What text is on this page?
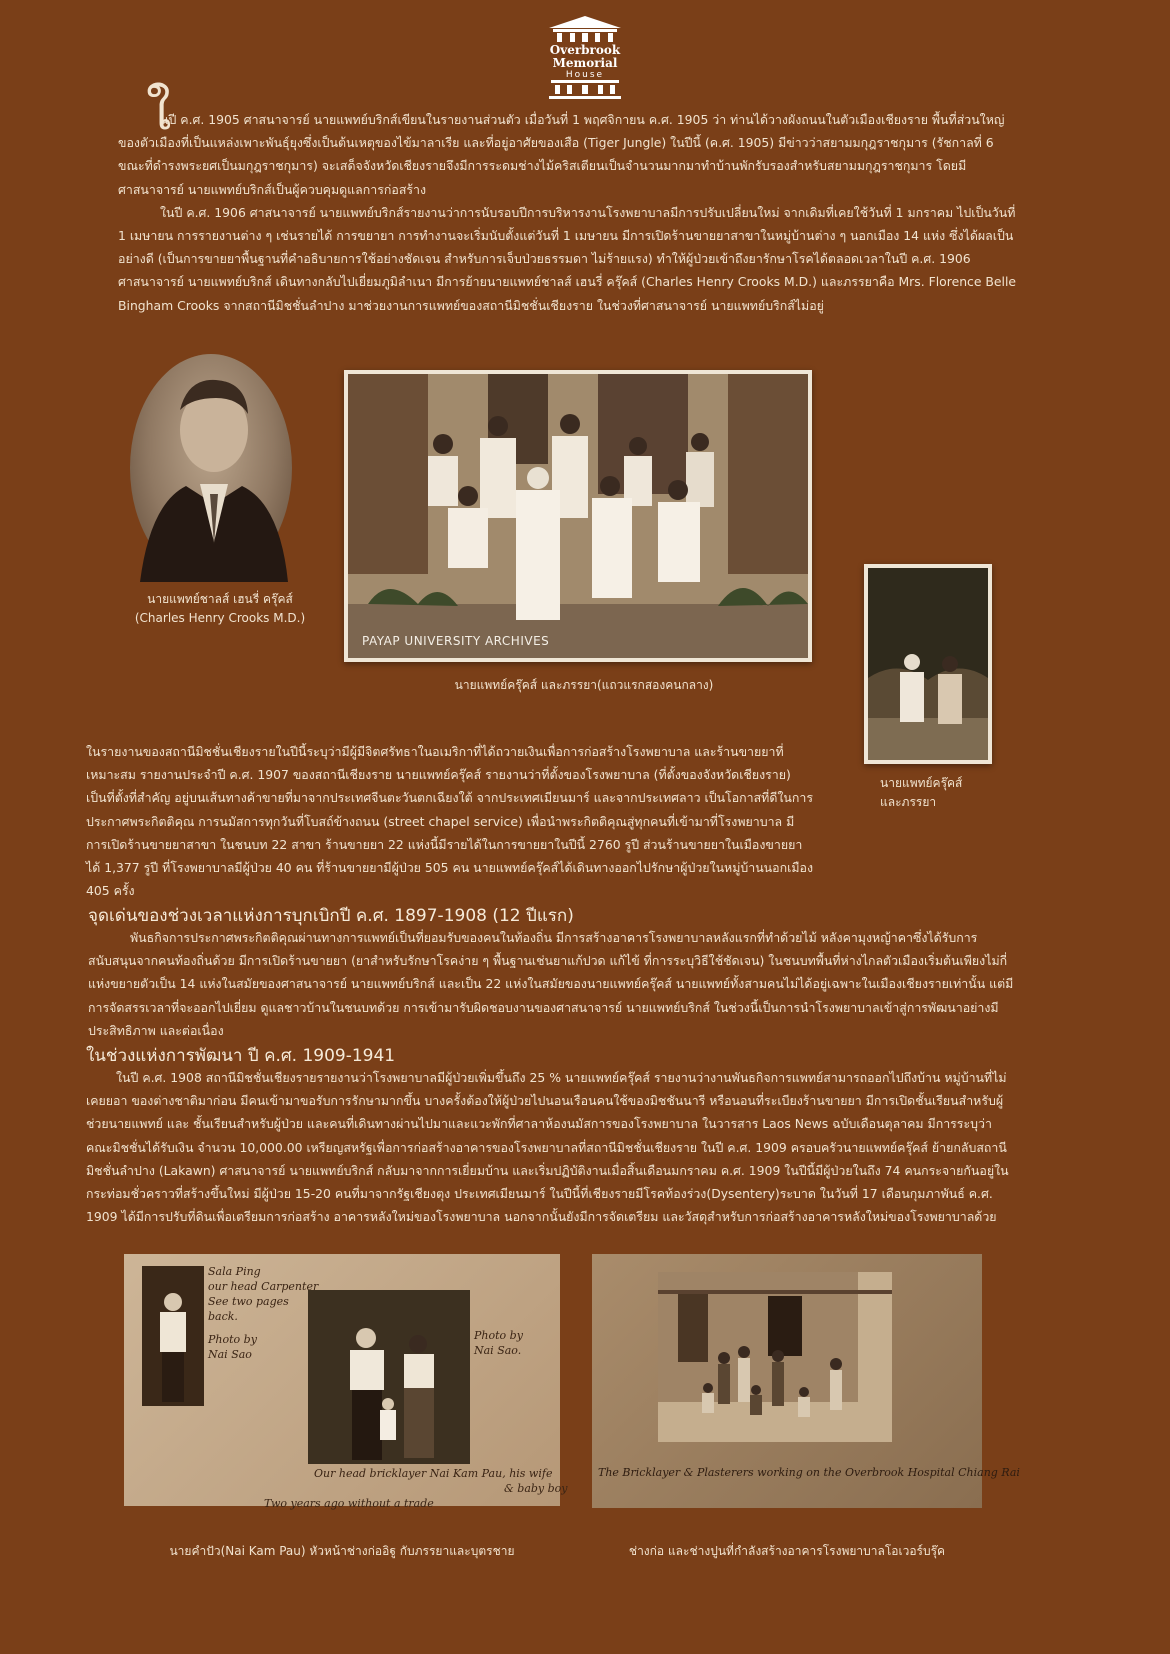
Overbrook Memorial
House
ใ

นปี ค.ศ. 1905 ศาสนาจารย์ นายแพทย์บริกส์เขียนในรายงานส่วนตัว เมื่อวันที่ 1 พฤศจิกายน ค.ศ. 1905 ว่า ท่านได้วางผังถนนในตัวเมืองเชียงราย พื้นที่ส่วนใหญ่ของตัวเมืองที่เป็นแหล่งเพาะพันธุ์ยุงซึ่งเป็นต้นเหตุของไข้มาลาเรีย และที่อยู่อาศัยของเสือ (Tiger Jungle) ในปีนี้ (ค.ศ. 1905) มีข่าวว่าสยามมกุฎราชกุมาร (รัชกาลที่ 6 ขณะที่ดำรงพระยศเป็นมกุฎราชกุมาร) จะเสด็จจังหวัดเชียงรายจึงมีการระดมช่างไม้คริสเตียนเป็นจำนวนมากมาทำบ้านพักรับรองสำหรับสยามมกุฎราชกุมาร โดยมีศาสนาจารย์ นายแพทย์บริกส์เป็นผู้ควบคุมดูแลการก่อสร้าง

ในปี ค.ศ. 1906 ศาสนาจารย์ นายแพทย์บริกส์รายงานว่าการนับรอบปีการบริหารงานโรงพยาบาลมีการปรับเปลี่ยนใหม่ จากเดิมที่เคยใช้วันที่ 1 มกราคม ไปเป็นวันที่ 1 เมษายน การรายงานต่าง ๆ เช่นรายได้ การขยายา การทำงานจะเริ่มนับตั้งแต่วันที่ 1 เมษายน มีการเปิดร้านขายยาสาขาในหมู่บ้านต่าง ๆ นอกเมือง 14 แห่ง ซึ่งได้ผลเป็นอย่างดี (เป็นการขายยาพื้นฐานที่คำอธิบายการใช้อย่างชัดเจน สำหรับการเจ็บป่วยธรรมดา ไม่ร้ายแรง) ทำให้ผู้ป่วยเข้าถึงยารักษาโรคได้ตลอดเวลาในปี ค.ศ. 1906 ศาสนาจารย์ นายแพทย์บริกส์ เดินทางกลับไปเยี่ยมภูมิลำเนา มีการย้ายนายแพทย์ชาลส์ เฮนรี่ ครุ๊คส์ (Charles Henry Crooks M.D.) และภรรยาคือ Mrs. Florence Belle Bingham Crooks จากสถานีมิชชั่นลำปาง มาช่วยงานการแพทย์ของสถานีมิชชั่นเชียงราย ในช่วงที่ศาสนาจารย์ นายแพทย์บริกส์ไม่อยู่

นายแพทย์ชาลส์ เฮนรี่ ครุ๊คส์
(Charles Henry Crooks M.D.)
PAYAP UNIVERSITY ARCHIVES
นายแพทย์ครุ๊คส์ และภรรยา(แถวแรกสองคนกลาง)
นายแพทย์ครุ๊คส์
และภรรยา

ในรายงานของสถานีมิชชั่นเชียงรายในปีนี้ระบุว่ามีผู้มีจิตศรัทธาในอเมริกาที่ได้ถวายเงินเพื่อการก่อสร้างโรงพยาบาล และร้านขายยาที่เหมาะสม รายงานประจำปี ค.ศ. 1907 ของสถานีเชียงราย นายแพทย์ครุ๊คส์ รายงานว่าที่ตั้งของโรงพยาบาล (ที่ตั้งของจังหวัดเชียงราย) เป็นที่ตั้งที่สำคัญ อยู่บนเส้นทางค้าขายที่มาจากประเทศจีนตะวันตกเฉียงใต้ จากประเทศเมียนมาร์ และจากประเทศลาว เป็นโอกาสที่ดีในการประกาศพระกิตติคุณ การนมัสการทุกวันที่โบสถ์ข้างถนน (street chapel service) เพื่อนำพระกิตติคุณสู่ทุกคนที่เข้ามาที่โรงพยาบาล มีการเปิดร้านขายยาสาขา ในชนบท 22 สาขา ร้านขายยา 22 แห่งนี้มีรายได้ในการขายยาในปีนี้ 2760 รูปี ส่วนร้านขายยาในเมืองขายยาได้ 1,377 รูปี ที่โรงพยาบาลมีผู้ป่วย 40 คน ที่ร้านขายยามีผู้ป่วย 505 คน นายแพทย์ครุ๊คส์ได้เดินทางออกไปรักษาผู้ป่วยในหมู่บ้านนอกเมือง 405 ครั้ง

จุดเด่นของช่วงเวลาแห่งการบุกเบิกปี ค.ศ. 1897-1908 (12 ปีแรก)

พันธกิจการประกาศพระกิตติคุณผ่านทางการแพทย์เป็นที่ยอมรับของคนในท้องถิ่น มีการสร้างอาคารโรงพยาบาลหลังแรกที่ทำด้วยไม้ หลังคามุงหญ้าคาซึ่งได้รับการสนับสนุนจากคนท้องถิ่นด้วย มีการเปิดร้านขายยา (ยาสำหรับรักษาโรคง่าย ๆ พื้นฐานเช่นยาแก้ปวด แก้ไข้ ที่การระบุวิธีใช้ชัดเจน) ในชนบทพื้นที่ห่างไกลตัวเมืองเริ่มต้นเพียงไม่กี่แห่งขยายตัวเป็น 14 แห่งในสมัยของศาสนาจารย์ นายแพทย์บริกส์ และเป็น 22 แห่งในสมัยของนายแพทย์ครุ๊คส์ นายแพทย์ทั้งสามคนไม่ได้อยู่เฉพาะในเมืองเชียงรายเท่านั้น แต่มีการจัดสรรเวลาที่จะออกไปเยี่ยม ดูแลชาวบ้านในชนบทด้วย การเข้ามารับผิดชอบงานของศาสนาจารย์ นายแพทย์บริกส์ ในช่วงนี้เป็นการนำโรงพยาบาลเข้าสู่การพัฒนาอย่างมีประสิทธิภาพ และต่อเนื่อง

ในช่วงแห่งการพัฒนา ปี ค.ศ. 1909-1941

ในปี ค.ศ. 1908 สถานีมิชชั่นเชียงรายรายงานว่าโรงพยาบาลมีผู้ป่วยเพิ่มขึ้นถึง 25 % นายแพทย์ครุ๊คส์ รายงานว่างานพันธกิจการแพทย์สามารถออกไปถึงบ้าน หมู่บ้านที่ไม่เคยยอา ของต่างชาติมาก่อน มีคนเข้ามาขอรับการรักษามากขึ้น บางครั้งต้องให้ผู้ป่วยไปนอนเรือนคนใช้ของมิชชันนารี หรือนอนที่ระเบียงร้านขายยา มีการเปิดชั้นเรียนสำหรับผู้ช่วยนายแพทย์ และ ชั้นเรียนสำหรับผู้ป่วย และคนที่เดินทางผ่านไปมาและแวะพักที่ศาลาห้องนมัสการของโรงพยาบาล ในวารสาร Laos News ฉบับเดือนตุลาคม มีการระบุว่าคณะมิชชั่นได้รับเงิน จำนวน 10,000.00 เหรียญสหรัฐเพื่อการก่อสร้างอาคารของโรงพยาบาลที่สถานีมิชชั่นเชียงราย ในปี ค.ศ. 1909 ครอบครัวนายแพทย์ครุ๊คส์ ย้ายกลับสถานีมิชชั่นลำปาง (Lakawn) ศาสนาจารย์ นายแพทย์บริกส์ กลับมาจากการเยี่ยมบ้าน และเริ่มปฏิบัติงานเมื่อสิ้นเดือนมกราคม ค.ศ. 1909 ในปีนี้มีผู้ป่วยในถึง 74 คนกระจายกันอยู่ในกระท่อมชั่วคราวที่สร้างขึ้นใหม่ มีผู้ป่วย 15-20 คนที่มาจากรัฐเชียงตุง ประเทศเมียนมาร์ ในปีนี้ที่เชียงรายมีโรคท้องร่วง(Dysentery)ระบาด ในวันที่ 17 เดือนกุมภาพันธ์ ค.ศ. 1909 ได้มีการปรับที่ดินเพื่อเตรียมการก่อสร้าง อาคารหลังใหม่ของโรงพยาบาล นอกจากนั้นยังมีการจัดเตรียม และวัสดุสำหรับการก่อสร้างอาคารหลังใหม่ของโรงพยาบาลด้วย

Sala Ping
our head Carpenter
See two pages
back.
Photo by
Nai Sao
Photo by
Nai Sao.
Our head bricklayer Nai Kam Pau, his wife
& baby boy
Two years ago without a trade
นายคำปัว(Nai Kam Pau) หัวหน้าช่างก่ออิฐู กับภรรยาและบุตรชาย
The Bricklayer & Plasterers working on the Overbrook Hospital Chiang Rai
ช่างก่อ และช่างปูนที่กำลังสร้างอาคารโรงพยาบาลโอเวอร์บรุ๊ค
